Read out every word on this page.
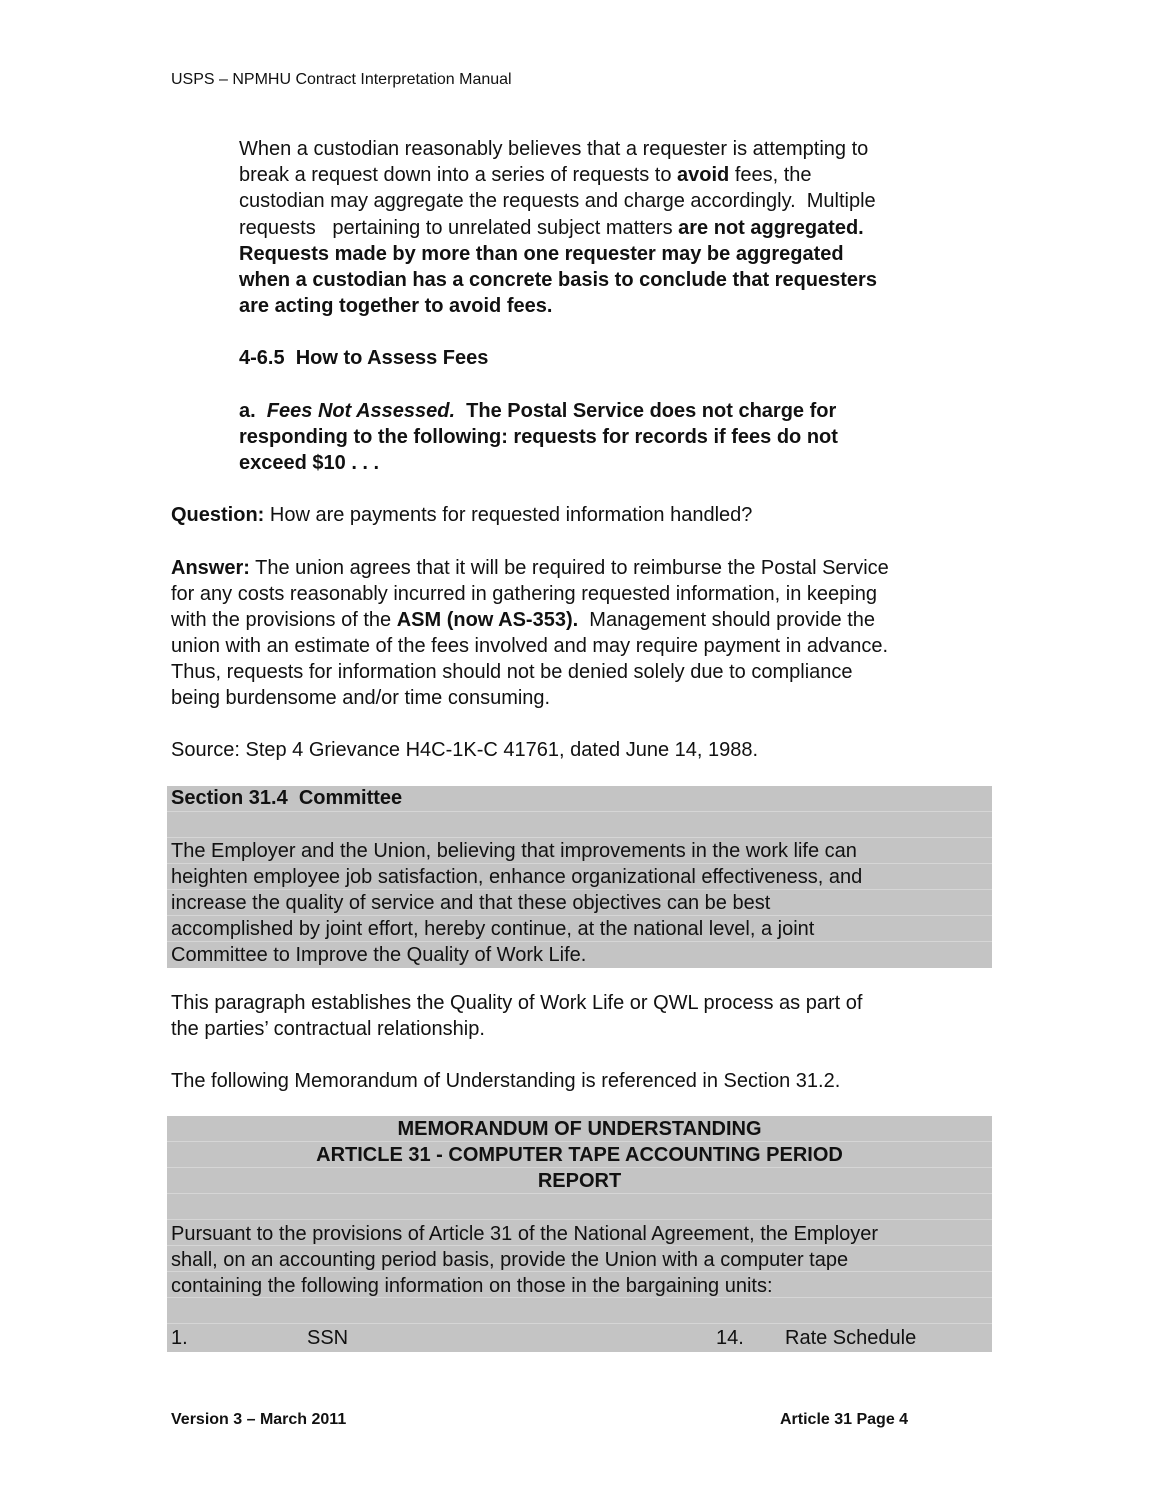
USPS – NPMHU Contract Interpretation Manual
When a custodian reasonably believes that a requester is attempting to
break a request down into a series of requests to avoid fees, the
custodian may aggregate the requests and charge accordingly.  Multiple
requests   pertaining to unrelated subject matters are not aggregated.
Requests made by more than one requester may be aggregated
when a custodian has a concrete basis to conclude that requesters
are acting together to avoid fees.
4-6.5  How to Assess Fees
a.  Fees Not Assessed.  The Postal Service does not charge for
responding to the following: requests for records if fees do not
exceed $10 . . .
Question: How are payments for requested information handled?
Answer: The union agrees that it will be required to reimburse the Postal Service
for any costs reasonably incurred in gathering requested information, in keeping
with the provisions of the ASM (now AS-353).  Management should provide the
union with an estimate of the fees involved and may require payment in advance.
Thus, requests for information should not be denied solely due to compliance
being burdensome and/or time consuming.
Source: Step 4 Grievance H4C-1K-C 41761, dated June 14, 1988.
Section 31.4  Committee
The Employer and the Union, believing that improvements in the work life can
heighten employee job satisfaction, enhance organizational effectiveness, and
increase the quality of service and that these objectives can be best
accomplished by joint effort, hereby continue, at the national level, a joint
Committee to Improve the Quality of Work Life.
This paragraph establishes the Quality of Work Life or QWL process as part of
the parties’ contractual relationship.
The following Memorandum of Understanding is referenced in Section 31.2.
Pursuant to the provisions of Article 31 of the National Agreement, the Employer
shall, on an accounting period basis, provide the Union with a computer tape
containing the following information on those in the bargaining units:
MEMORANDUM OF UNDERSTANDING
ARTICLE 31 - COMPUTER TAPE ACCOUNTING PERIOD
REPORT
1.	SSN	14. Rate Schedule
Version 3 – March 2011	Article 31 Page 4
